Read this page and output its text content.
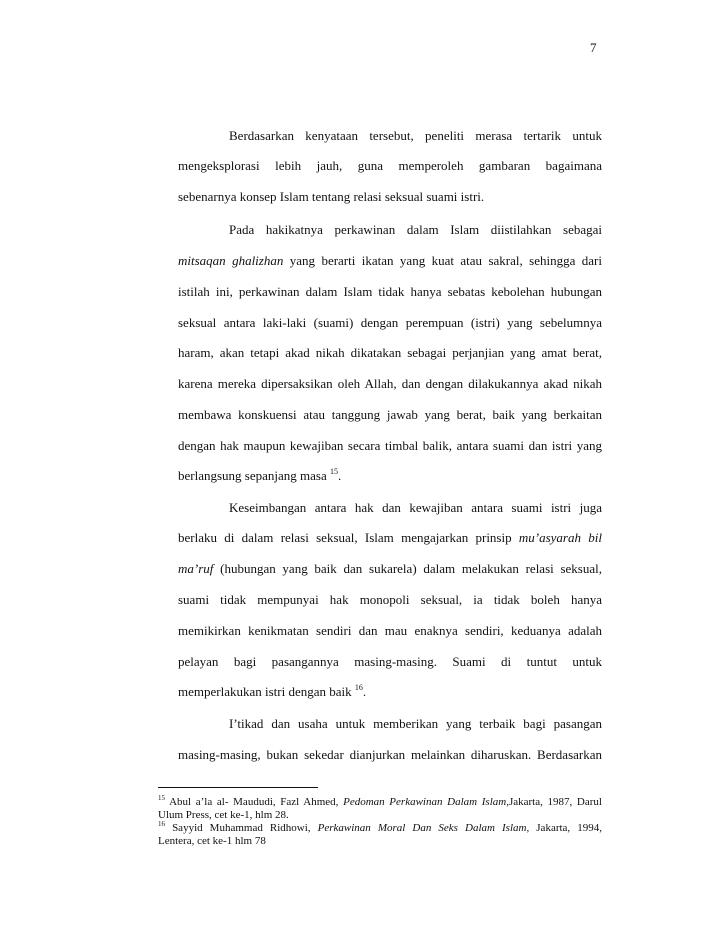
7
Berdasarkan kenyataan tersebut, peneliti merasa tertarik untuk
mengeksplorasi lebih jauh, guna memperoleh gambaran bagaimana
sebenarnya konsep Islam tentang relasi seksual suami istri.
Pada hakikatnya perkawinan dalam Islam diistilahkan sebagai
mitsaqan ghalizhan yang berarti ikatan yang kuat atau sakral, sehingga dari
istilah ini, perkawinan dalam Islam tidak hanya sebatas kebolehan hubungan
seksual antara laki-laki (suami) dengan perempuan (istri) yang sebelumnya
haram, akan tetapi akad nikah dikatakan sebagai perjanjian yang amat berat,
karena mereka dipersaksikan oleh Allah, dan dengan dilakukannya akad nikah
membawa konskuensi atau tanggung jawab yang berat, baik yang berkaitan
dengan hak maupun kewajiban secara timbal balik, antara suami dan istri yang
berlangsung sepanjang masa $^{15}$.
Keseimbangan antara hak dan kewajiban antara suami istri juga
berlaku di dalam relasi seksual, Islam mengajarkan prinsip mu’asyarah bil
ma’ruf (hubungan yang baik dan sukarela) dalam melakukan relasi seksual,
suami tidak mempunyai hak monopoli seksual, ia tidak boleh hanya
memikirkan kenikmatan sendiri dan mau enaknya sendiri, keduanya adalah
pelayan bagi pasangannya masing-masing. Suami di tuntut untuk
memperlakukan istri dengan baik $^{16}$.
I’tikad dan usaha untuk memberikan yang terbaik bagi pasangan
masing-masing, bukan sekedar dianjurkan melainkan diharuskan. Berdasarkan
$^{15}$ Abul a’la al- Maududi, Fazl Ahmed, Pedoman Perkawinan Dalam Islam,Jakarta, 1987, Darul
Ulum Press, cet ke-1, hlm 28.
$^{16}$ Sayyid Muhammad Ridhowi, Perkawinan Moral Dan Seks Dalam Islam, Jakarta, 1994,
Lentera, cet ke-1 hlm 78
